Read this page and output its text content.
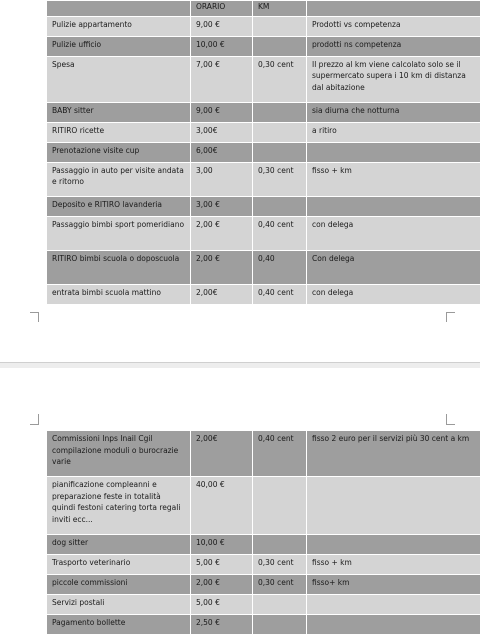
	ORARIO	KM	
Pulizie appartamento	9,00 €		Prodotti vs competenza
Pulizie ufficio	10,00 €		prodotti ns competenza
Spesa	7,00 €	0,30 cent	Il prezzo al km viene calcolato solo se il supermercato supera i 10 km di distanza dal abitazione
BABY sitter	9,00 €		sia diurna che notturna
RITIRO ricette	3,00€		a ritiro
Prenotazione visite cup	6,00€		
Passaggio in auto per visite andata e ritorno	3,00	0,30 cent	fisso + km
Deposito e RITIRO lavanderia	3,00 €		
Passaggio bimbi sport pomeridiano	2,00 €	0,40 cent	con delega
RITIRO bimbi scuola o doposcuola	2,00 €	0,40	Con delega
entrata bimbi scuola mattino	2,00€	0,40 cent	con delega
Commissioni Inps Inail Cgil compilazione moduli o burocrazie varie	2,00€	0,40 cent	fisso 2 euro per il servizi più 30 cent a km
pianificazione compleanni e preparazione feste in totalità quindi festoni catering torta regali inviti ecc...	40,00 €		
dog sitter	10,00 €		
Trasporto veterinario	5,00 €	0,30 cent	fisso + km
piccole commissioni	2,00 €	0,30 cent	fisso+ km
Servizi postali	5,00 €		
Pagamento bollette	2,50 €		
